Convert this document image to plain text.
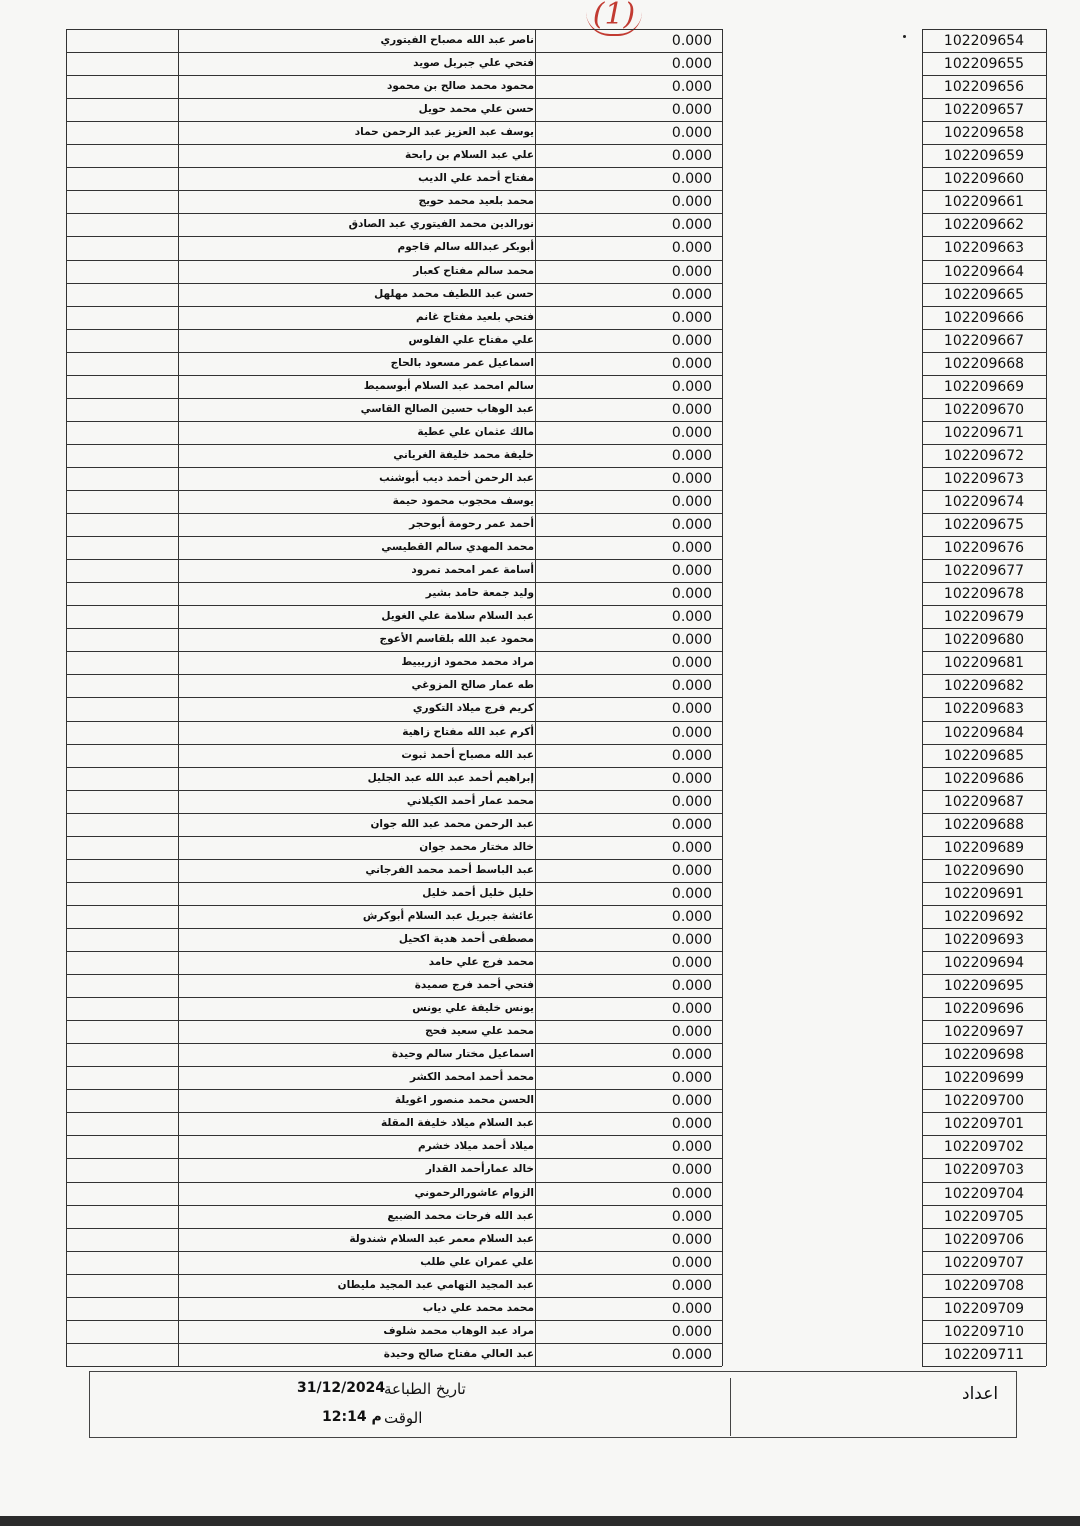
(1)
ناصر عبد الله مصباح الفيتوري	0.000	102209654
فتحي علي جبريل صويد	0.000	102209655
محمود محمد صالح بن محمود	0.000	102209656
حسن علي محمد حويل	0.000	102209657
يوسف عبد العزيز عبد الرحمن حماد	0.000	102209658
علي عبد السلام بن رابحة	0.000	102209659
مفتاح أحمد علي الديب	0.000	102209660
محمد بلعيد محمد حويج	0.000	102209661
نورالدين محمد الفيتوري عبد الصادق	0.000	102209662
أبوبكر عبدالله سالم قاجوم	0.000	102209663
محمد سالم مفتاح كعبار	0.000	102209664
حسن عبد اللطيف محمد مهلهل	0.000	102209665
فتحي بلعيد مفتاح غانم	0.000	102209666
علي مفتاح علي الفلوس	0.000	102209667
اسماعيل عمر مسعود بالحاج	0.000	102209668
سالم امحمد عبد السلام أبوسميط	0.000	102209669
عبد الوهاب حسين الصالح القاسي	0.000	102209670
مالك عثمان علي عطية	0.000	102209671
خليفة محمد خليفة الغرياني	0.000	102209672
عبد الرحمن أحمد ديب أبوشنب	0.000	102209673
يوسف محجوب محمود حيمة	0.000	102209674
أحمد عمر رحومة أبوحجر	0.000	102209675
محمد المهدي سالم القطيسي	0.000	102209676
أسامة عمر امحمد تمرود	0.000	102209677
وليد جمعة حامد بشير	0.000	102209678
عبد السلام سلامة علي الغويل	0.000	102209679
محمود عبد الله بلقاسم الأعوج	0.000	102209680
مراد محمد محمود ازريبيط	0.000	102209681
طه عمار صالح المزوغي	0.000	102209682
كريم فرج ميلاد التكوري	0.000	102209683
أكرم عبد الله مفتاح زاهية	0.000	102209684
عبد الله مصباح أحمد ثبوت	0.000	102209685
إبراهيم أحمد عبد الله عبد الجليل	0.000	102209686
محمد عمار أحمد الكيلاني	0.000	102209687
عبد الرحمن محمد عبد الله جوان	0.000	102209688
خالد مختار محمد جوان	0.000	102209689
عبد الباسط أحمد محمد الفرجاني	0.000	102209690
خليل خليل أحمد خليل	0.000	102209691
عائشة جبريل عبد السلام أبوكرش	0.000	102209692
مصطفى أحمد هدية اكحيل	0.000	102209693
محمد فرج علي حامد	0.000	102209694
فتحي أحمد فرج صميدة	0.000	102209695
يونس خليفة علي يونس	0.000	102209696
محمد علي سعيد فحج	0.000	102209697
اسماعيل مختار سالم وحيدة	0.000	102209698
محمد أحمد امحمد الكشر	0.000	102209699
الحسن محمد منصور اغويلة	0.000	102209700
عبد السلام ميلاد خليفة المقلة	0.000	102209701
ميلاد أحمد ميلاد خشرم	0.000	102209702
خالد عمارأحمد القدار	0.000	102209703
الزوام عاشورالرحموني	0.000	102209704
عبد الله فرحات محمد الضبيع	0.000	102209705
عبد السلام معمر عبد السلام شندولة	0.000	102209706
علي عمران علي طلب	0.000	102209707
عبد المجيد التهامي عبد المجيد مليطان	0.000	102209708
محمد محمد علي دياب	0.000	102209709
مراد عبد الوهاب محمد شلوف	0.000	102209710
عبد العالي مفتاح صالح وحيدة	0.000	102209711
اعداد
تاريخ الطباعة
31/12/2024
الوقت
م 12:14
